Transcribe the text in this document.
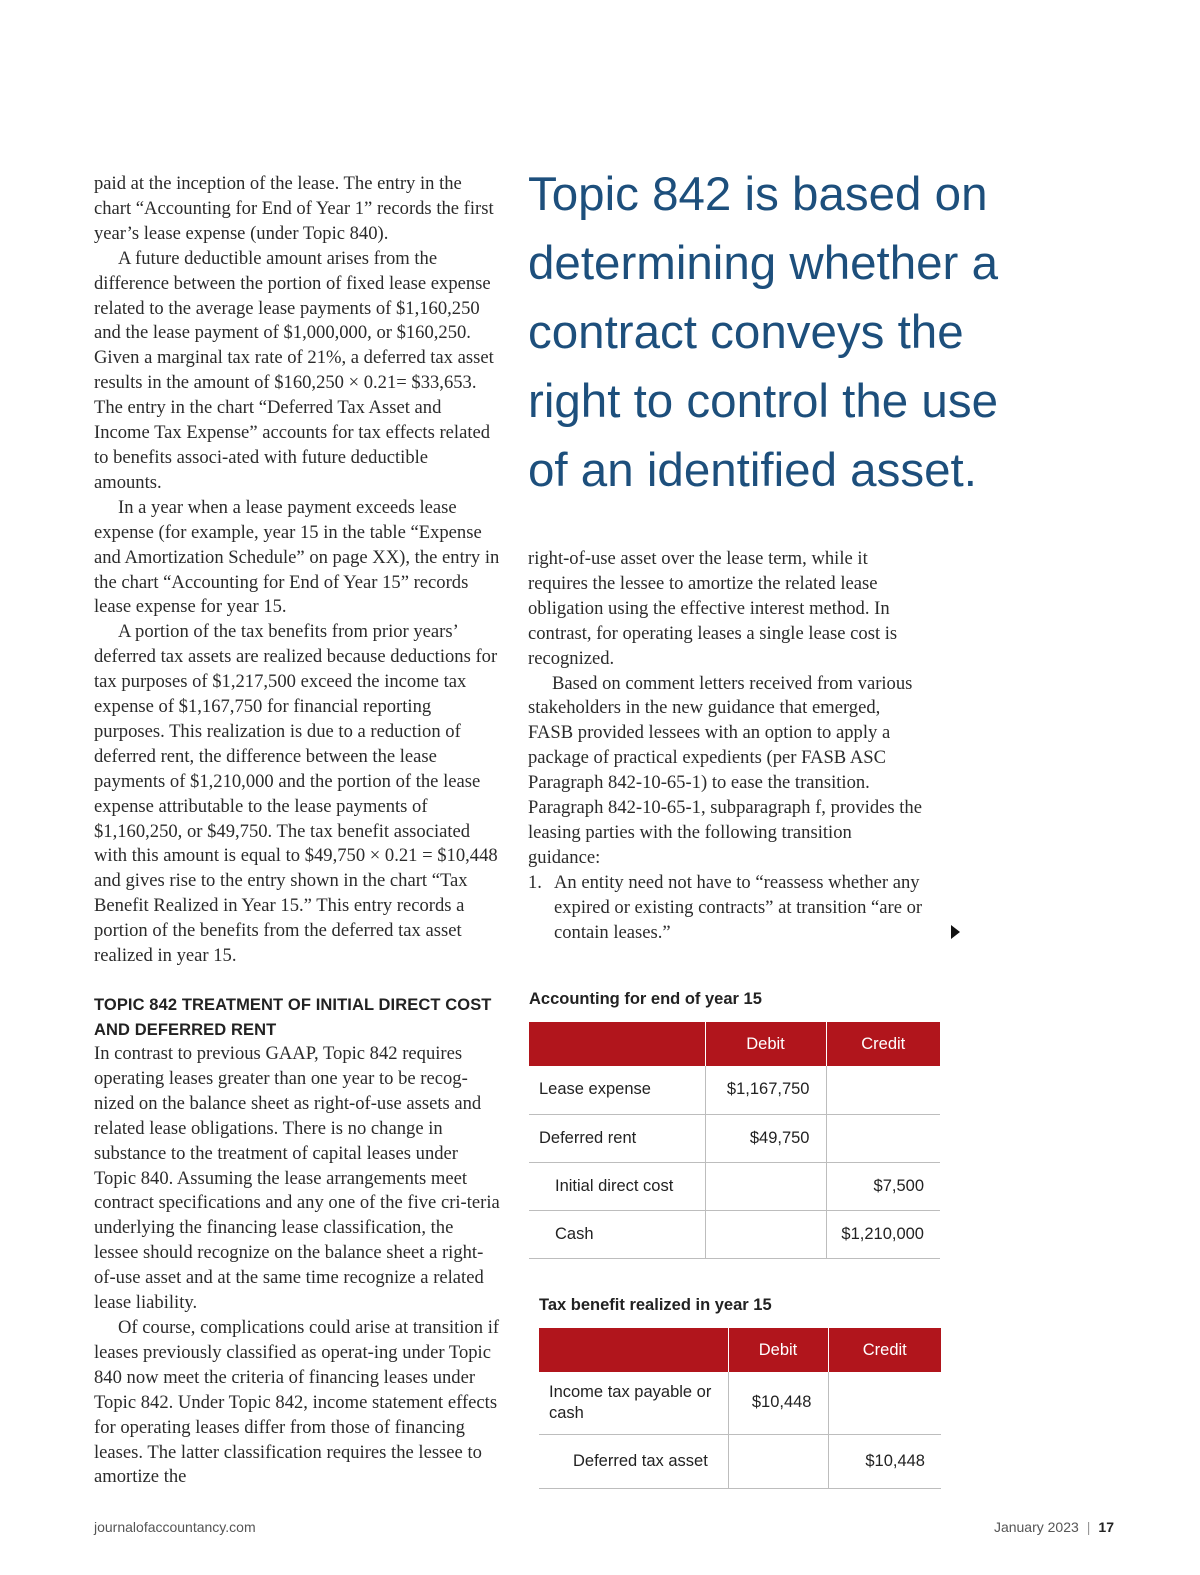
paid at the inception of the lease. The entry in the chart “Accounting for End of Year 1” records the first year’s lease expense (under Topic 840).

A future deductible amount arises from the difference between the portion of fixed lease expense related to the average lease payments of $1,160,250 and the lease payment of $1,000,000, or $160,250. Given a marginal tax rate of 21%, a deferred tax asset results in the amount of $160,250 × 0.21= $33,653. The entry in the chart “Deferred Tax Asset and Income Tax Expense” accounts for tax effects related to benefits associ-ated with future deductible amounts.

In a year when a lease payment exceeds lease expense (for example, year 15 in the table “Expense and Amortization Schedule” on page XX), the entry in the chart “Accounting for End of Year 15” records lease expense for year 15.

A portion of the tax benefits from prior years’ deferred tax assets are realized because deductions for tax purposes of $1,217,500 exceed the income tax expense of $1,167,750 for financial reporting purposes. This realization is due to a reduction of deferred rent, the difference between the lease payments of $1,210,000 and the portion of the lease expense attributable to the lease payments of $1,160,250, or $49,750. The tax benefit associated with this amount is equal to $49,750 × 0.21 = $10,448 and gives rise to the entry shown in the chart “Tax Benefit Realized in Year 15.” This entry records a portion of the benefits from the deferred tax asset realized in year 15.

TOPIC 842 TREATMENT OF INITIAL DIRECT COST AND DEFERRED RENT

In contrast to previous GAAP, Topic 842 requires operating leases greater than one year to be recog-nized on the balance sheet as right-of-use assets and related lease obligations. There is no change in substance to the treatment of capital leases under Topic 840. Assuming the lease arrangements meet contract specifications and any one of the five cri-teria underlying the financing lease classification, the lessee should recognize on the balance sheet a right-of-use asset and at the same time recognize a related lease liability.

Of course, complications could arise at transition if leases previously classified as operat-ing under Topic 840 now meet the criteria of financing leases under Topic 842. Under Topic 842, income statement effects for operating leases differ from those of financing leases. The latter classification requires the lessee to amortize the

Topic 842 is based on determining whether a contract conveys the right to control the use of an identified asset.

right-of-use asset over the lease term, while it requires the lessee to amortize the related lease obligation using the effective interest method. In contrast, for operating leases a single lease cost is recognized.

Based on comment letters received from various stakeholders in the new guidance that emerged, FASB provided lessees with an option to apply a package of practical expedients (per FASB ASC Paragraph 842-10-65-1) to ease the transition. Paragraph 842-10-65-1, subparagraph f, provides the leasing parties with the following transition guidance:

1. An entity need not have to “reassess whether any expired or existing contracts” at transition “are or contain leases.”
Accounting for end of year 15
	Debit	Credit
Lease expense	$1,167,750	
Deferred rent	$49,750	
Initial direct cost		$7,500
Cash		$1,210,000
Tax benefit realized in year 15
	Debit	Credit
Income tax payable or cash	$10,448	
Deferred tax asset		$10,448
journalofaccountancy.com	January 2023 | 17
